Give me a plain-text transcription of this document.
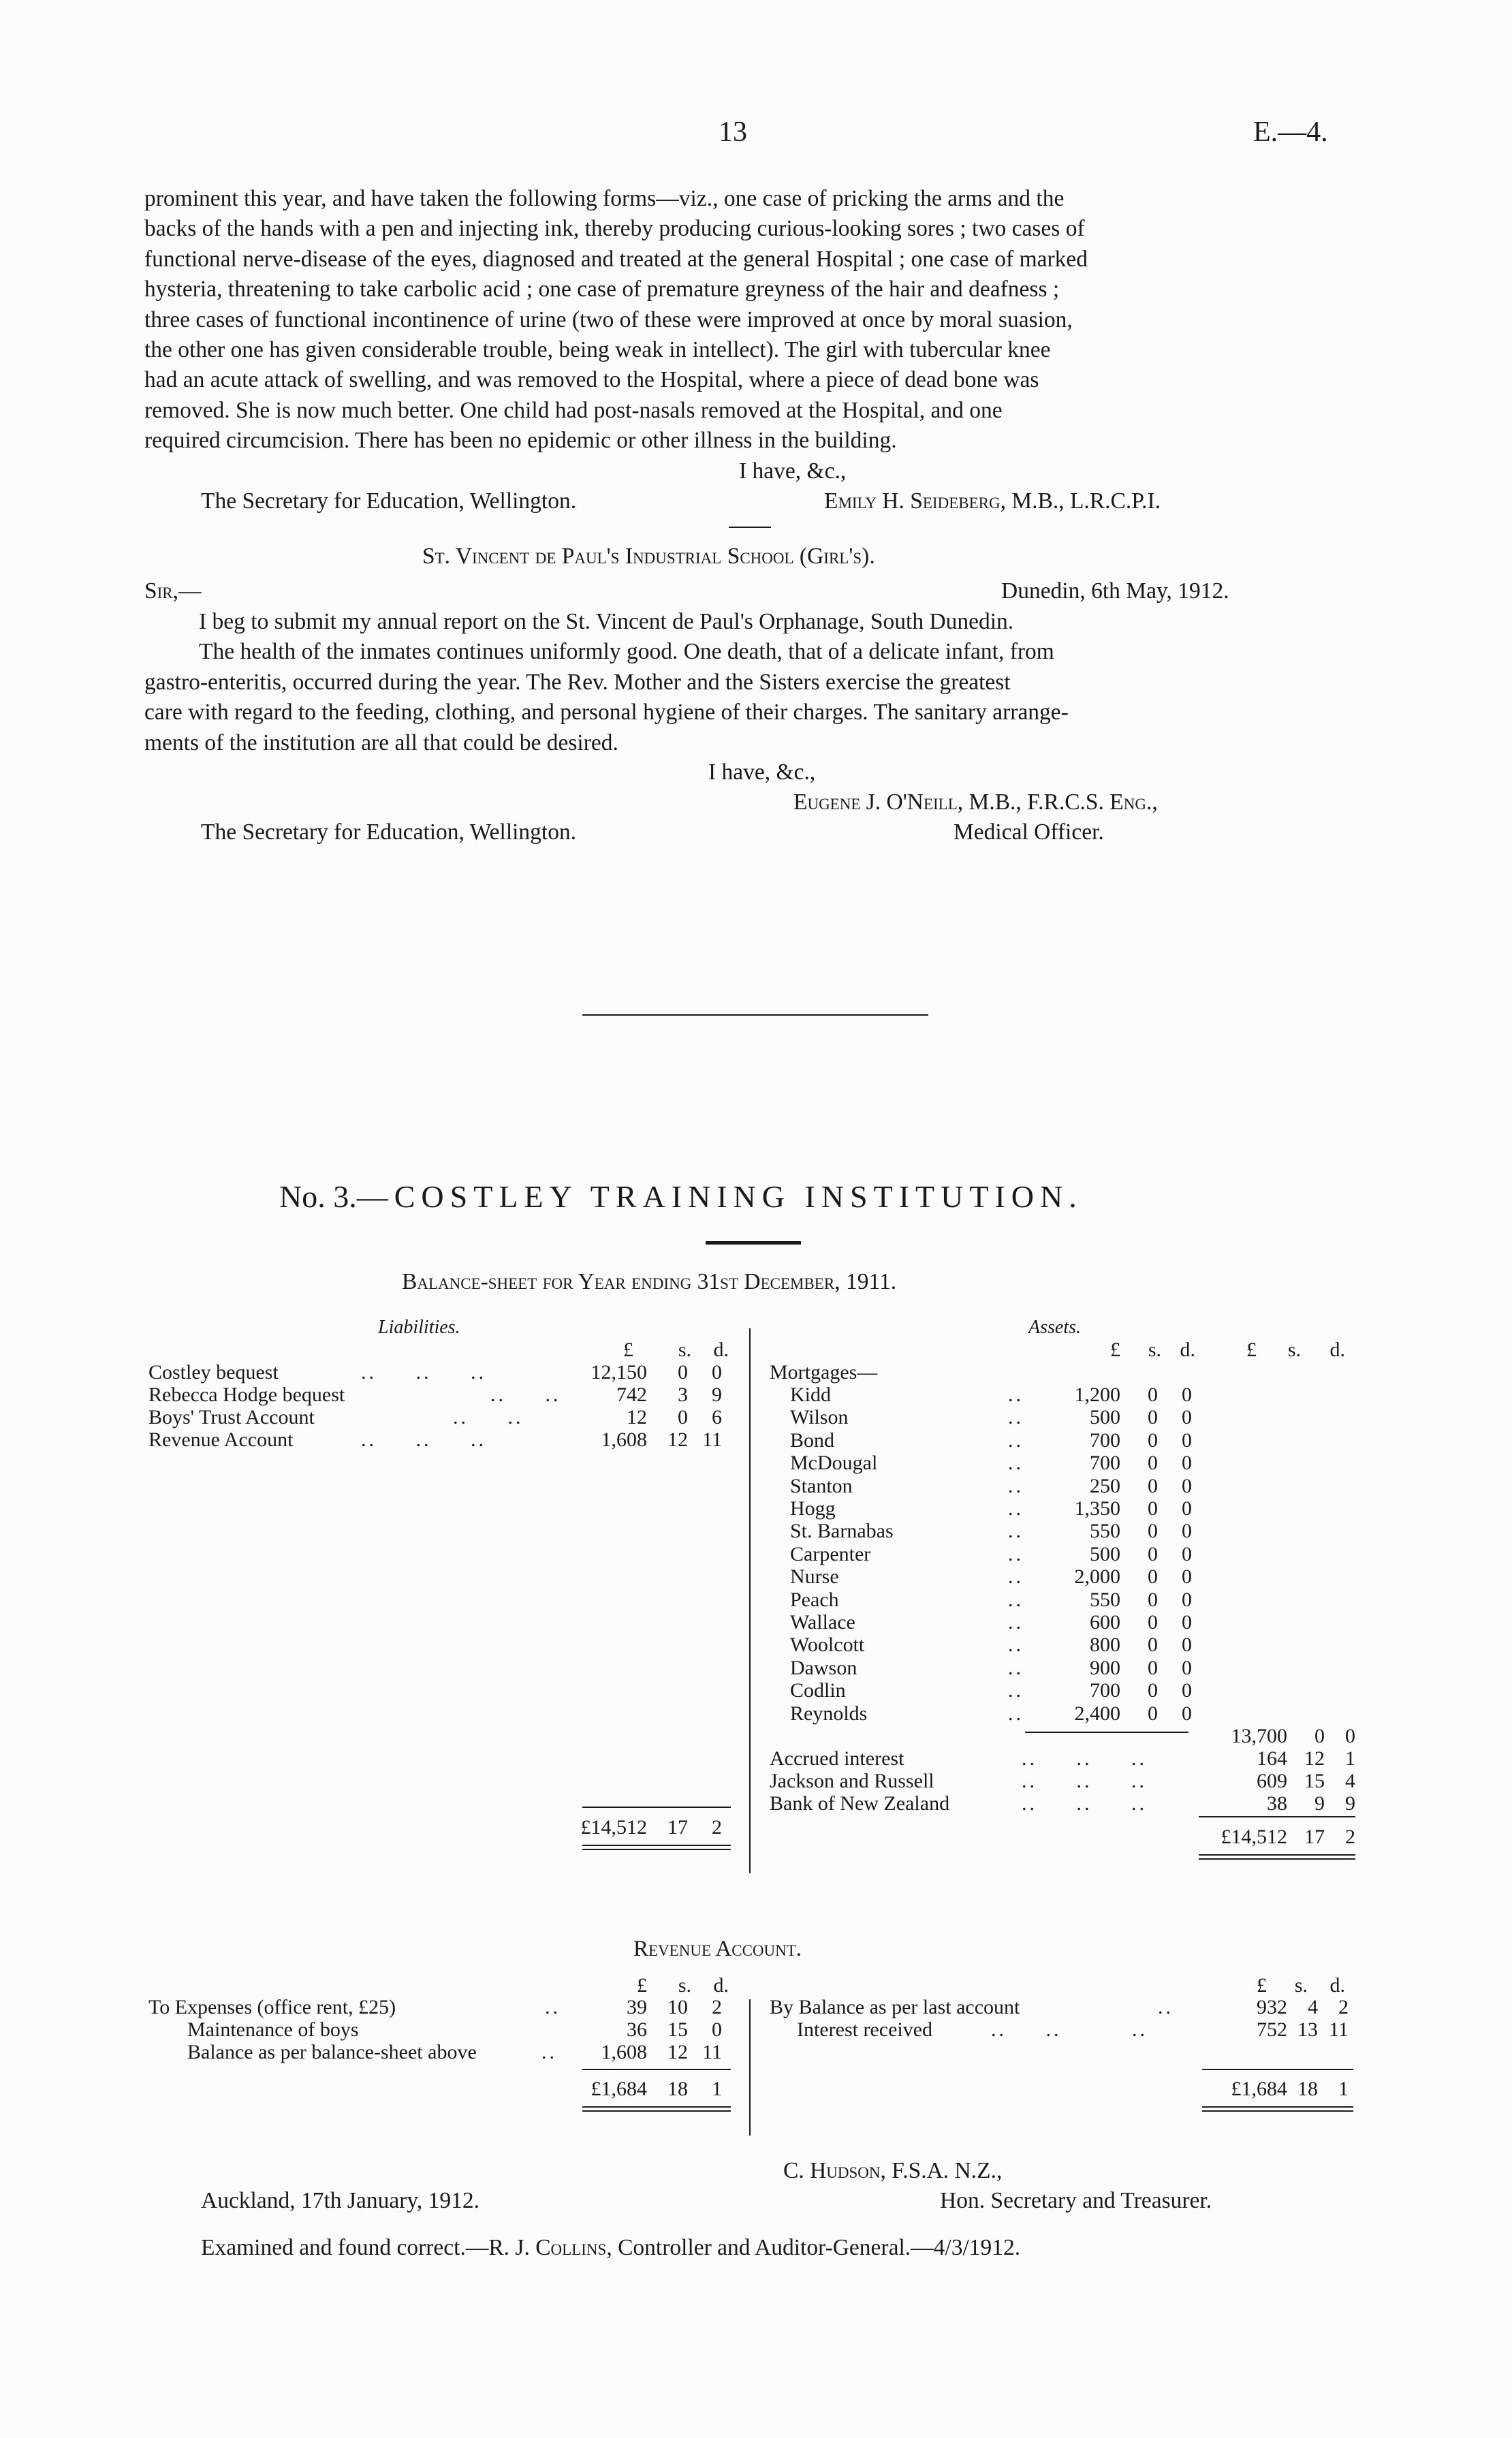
13	E.—4.
prominent this year, and have taken the following forms—viz., one case of pricking the arms and the
backs of the hands with a pen and injecting ink, thereby producing curious-looking sores ; two cases of
functional nerve-disease of the eyes, diagnosed and treated at the general Hospital ; one case of marked
hysteria, threatening to take carbolic acid ; one case of premature greyness of the hair and deafness ;
three cases of functional incontinence of urine (two of these were improved at once by moral suasion,
the other one has given considerable trouble, being weak in intellect). The girl with tubercular knee
had an acute attack of swelling, and was removed to the Hospital, where a piece of dead bone was
removed. She is now much better. One child had post-nasals removed at the Hospital, and one
required circumcision. There has been no epidemic or other illness in the building.
I have, &c.,
The Secretary for Education, Wellington.	Emily H. Seideberg, M.B., L.R.C.P.I.
St. Vincent de Paul's Industrial School (Girl's).
Sir,—	Dunedin, 6th May, 1912.
I beg to submit my annual report on the St. Vincent de Paul's Orphanage, South Dunedin.
The health of the inmates continues uniformly good. One death, that of a delicate infant, from
gastro-enteritis, occurred during the year. The Rev. Mother and the Sisters exercise the greatest
care with regard to the feeding, clothing, and personal hygiene of their charges. The sanitary arrange-
ments of the institution are all that could be desired.
I have, &c.,
Eugene J. O'Neill, M.B., F.R.C.S. Eng.,
The Secretary for Education, Wellington.	Medical Officer.
No. 3.—COSTLEY TRAINING INSTITUTION.
Balance-sheet for Year ending 31st December, 1911.
Liabilities.
£	s.	d.
Costley bequest	..     ..     ..	12,150	0	0
Rebecca Hodge bequest	..     ..	742	3	9
Boys' Trust Account	..     ..	12	0	6
Revenue Account	..     ..     ..	1,608	12 11
£14,512	17	2
Assets.
£	s. d.	£	s.	d.
Mortgages—
Kidd	..	1,200	0	0
Wilson	..	500	0	0
Bond	..	700	0	0
McDougal	..	700	0	0
Stanton	..	250	0	0
Hogg	..	1,350	0	0
St. Barnabas	..	550	0	0
Carpenter	..	500	0	0
Nurse	..	2,000	0	0
Peach	..	550	0	0
Wallace	..	600	0	0
Woolcott	..	800	0	0
Dawson	..	900	0	0
Codlin	..	700	0	0
Reynolds	..	2,400	0	0
13,700	0	0
Accrued interest	..     ..     ..	164 12	1
Jackson and Russell	..     ..     ..	609 15	4
Bank of New Zealand	..     ..     ..	38	9	9
£14,512 17	2
Revenue Account.
£	s.	d.	£	s.	d.
To Expenses (office rent, £25)	..	39	10	2
Maintenance of boys	36	15	0
Balance as per balance-sheet above	..	1,608	12 11
£1,684	18	1
By Balance as per last account	..	932	4	2
Interest received	..     ..         ..	752 13 11
£1,684 18	1
C. Hudson, F.S.A. N.Z.,
Hon. Secretary and Treasurer.
Auckland, 17th January, 1912.
Examined and found correct.—R. J. Collins, Controller and Auditor-General.—4/3/1912.
